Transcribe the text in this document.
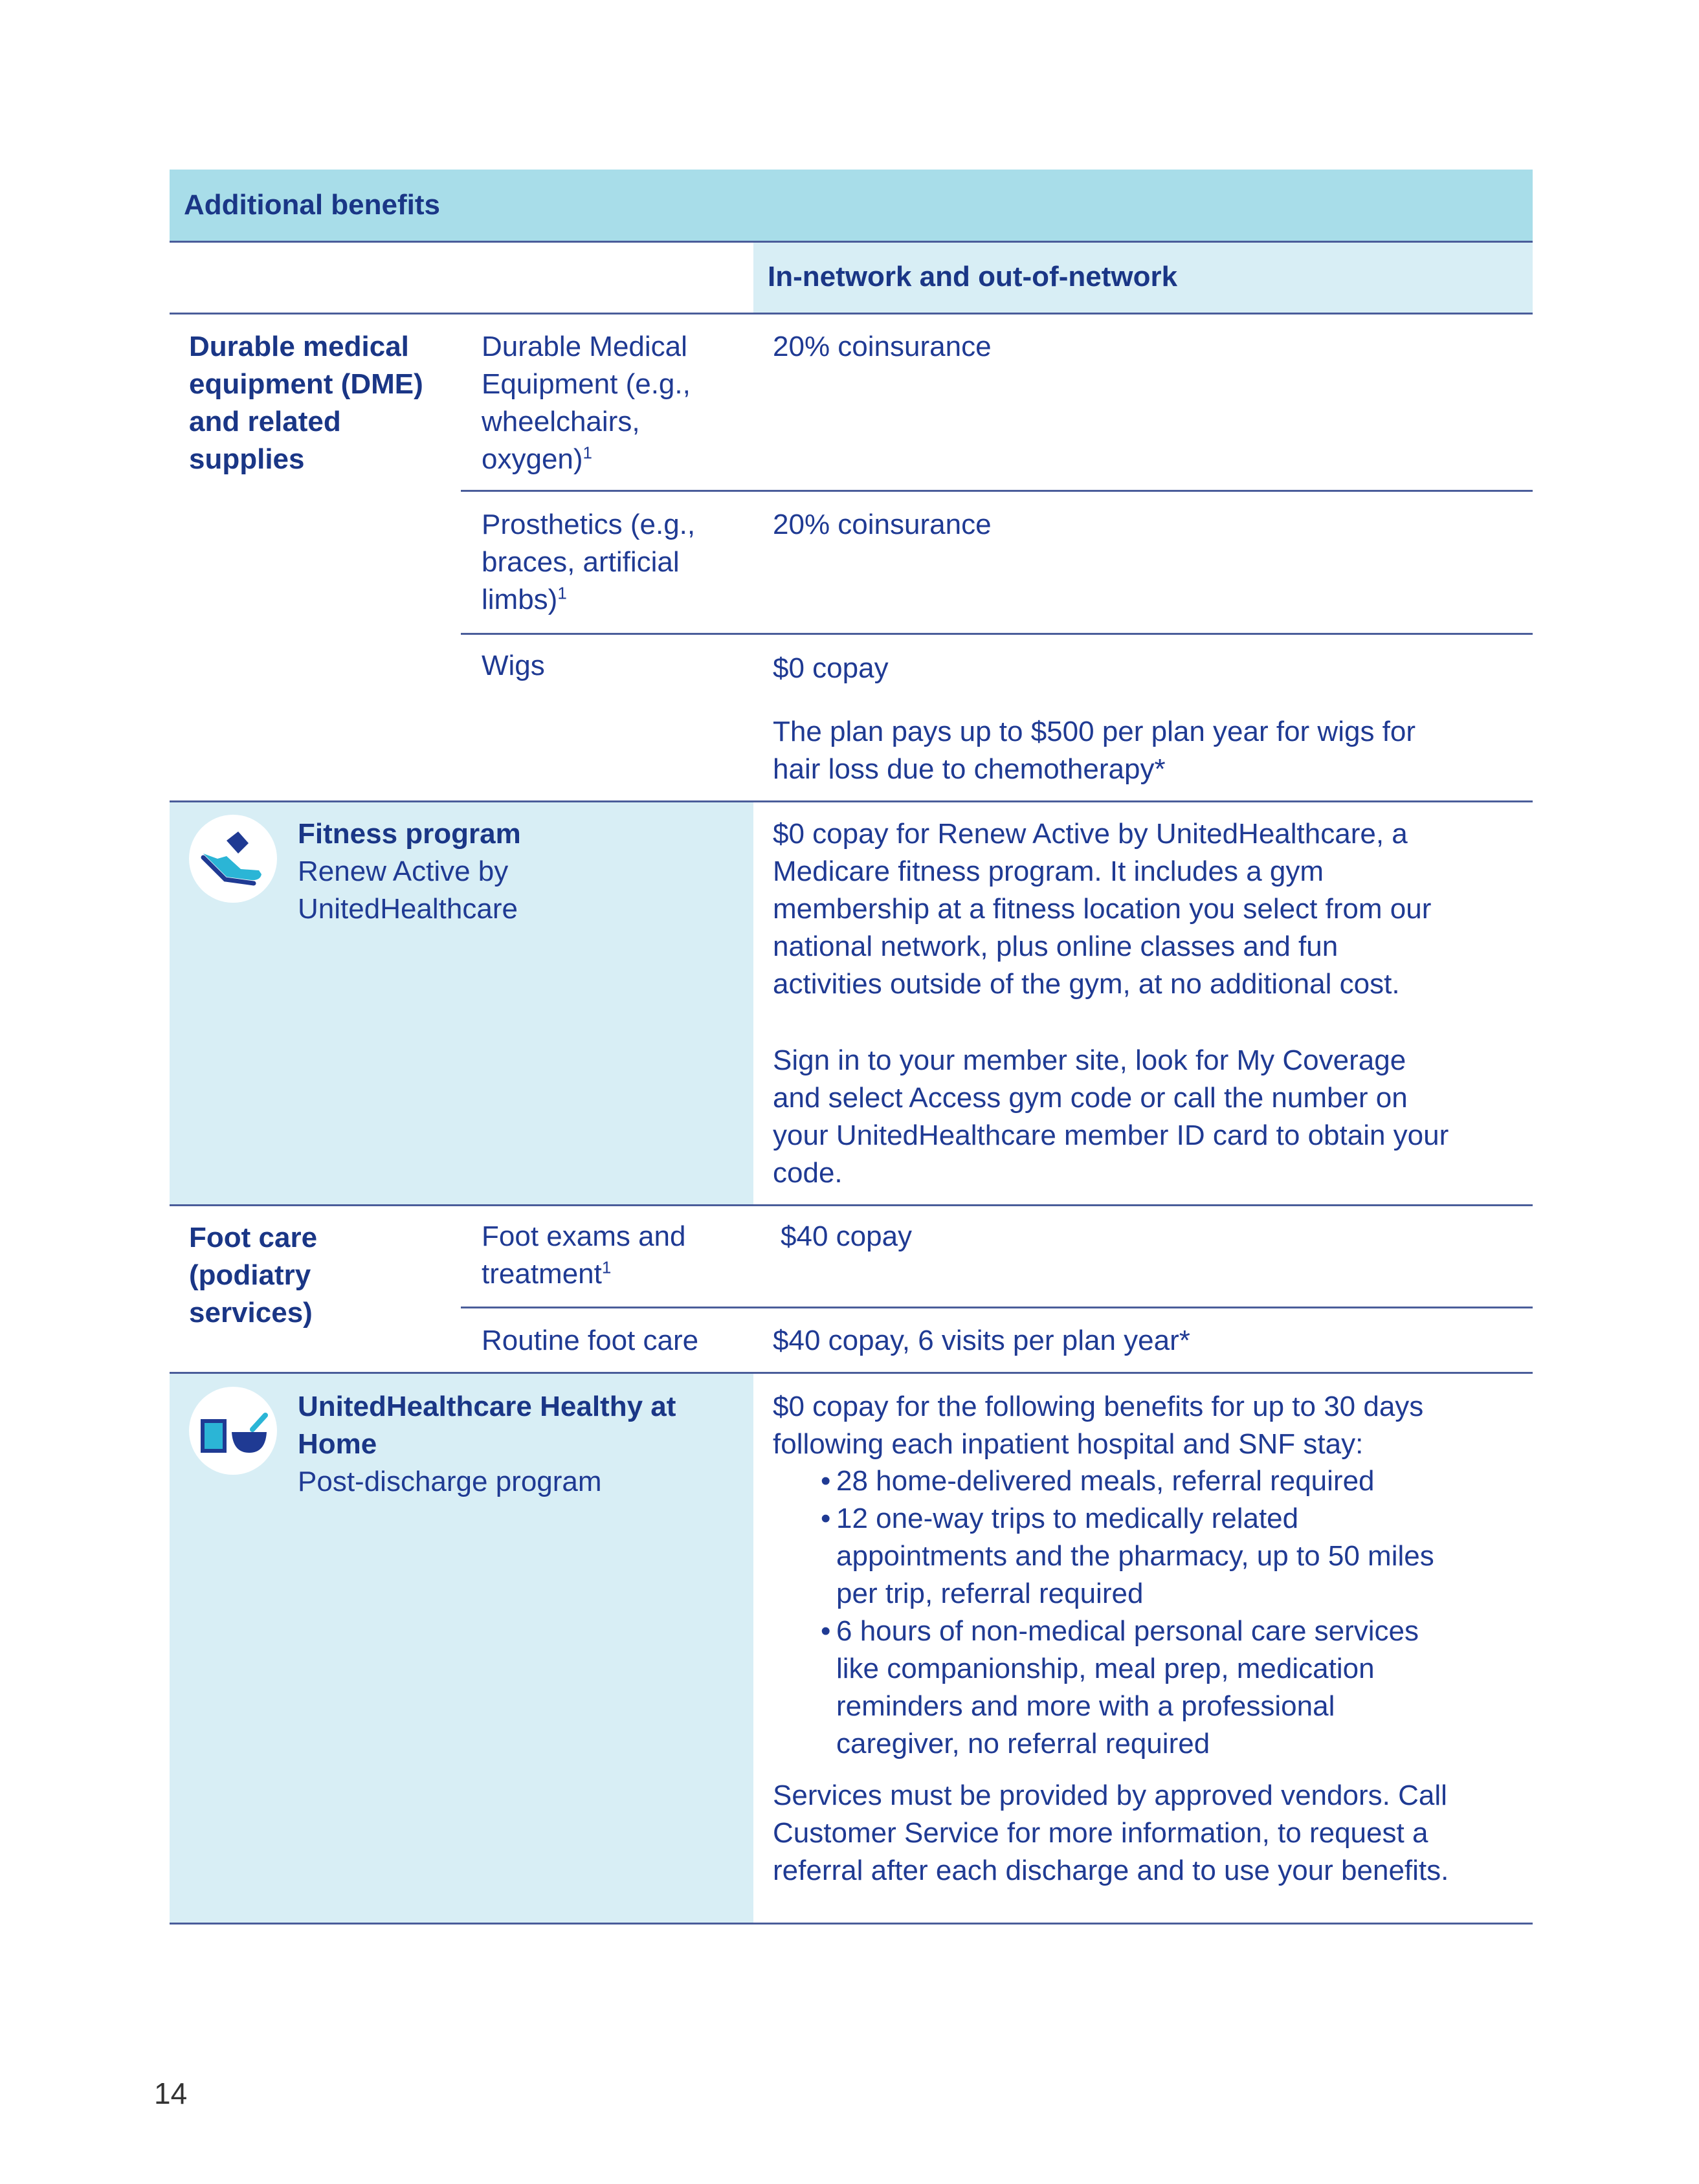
Additional benefits
In-network and out-of-network
Durable medical
equipment (DME)
and related
supplies
Durable Medical
Equipment (e.g.,
wheelchairs,
oxygen)$^1$
20% coinsurance
Prosthetics (e.g.,
braces, artificial
limbs)$^1$
20% coinsurance
Wigs	$0 copay
The plan pays up to $500 per plan year for wigs for
hair loss due to chemotherapy*
Fitness program
Renew Active by
UnitedHealthcare
$0 copay for Renew Active by UnitedHealthcare, a
Medicare fitness program. It includes a gym
membership at a fitness location you select from our
national network, plus online classes and fun
activities outside of the gym, at no additional cost.
Sign in to your member site, look for My Coverage
and select Access gym code or call the number on
your UnitedHealthcare member ID card to obtain your
code.
Foot care
(podiatry
services)
Foot exams and
treatment$^1$
$40 copay
Routine foot care	$40 copay, 6 visits per plan year*
UnitedHealthcare Healthy at
Home
Post-discharge program
$0 copay for the following benefits for up to 30 days
following each inpatient hospital and SNF stay:
• 28 home-delivered meals, referral required
• 12 one-way trips to medically related
appointments and the pharmacy, up to 50 miles
per trip, referral required
• 6 hours of non-medical personal care services
like companionship, meal prep, medication
reminders and more with a professional
caregiver, no referral required
Services must be provided by approved vendors. Call
Customer Service for more information, to request a
referral after each discharge and to use your benefits.
14
